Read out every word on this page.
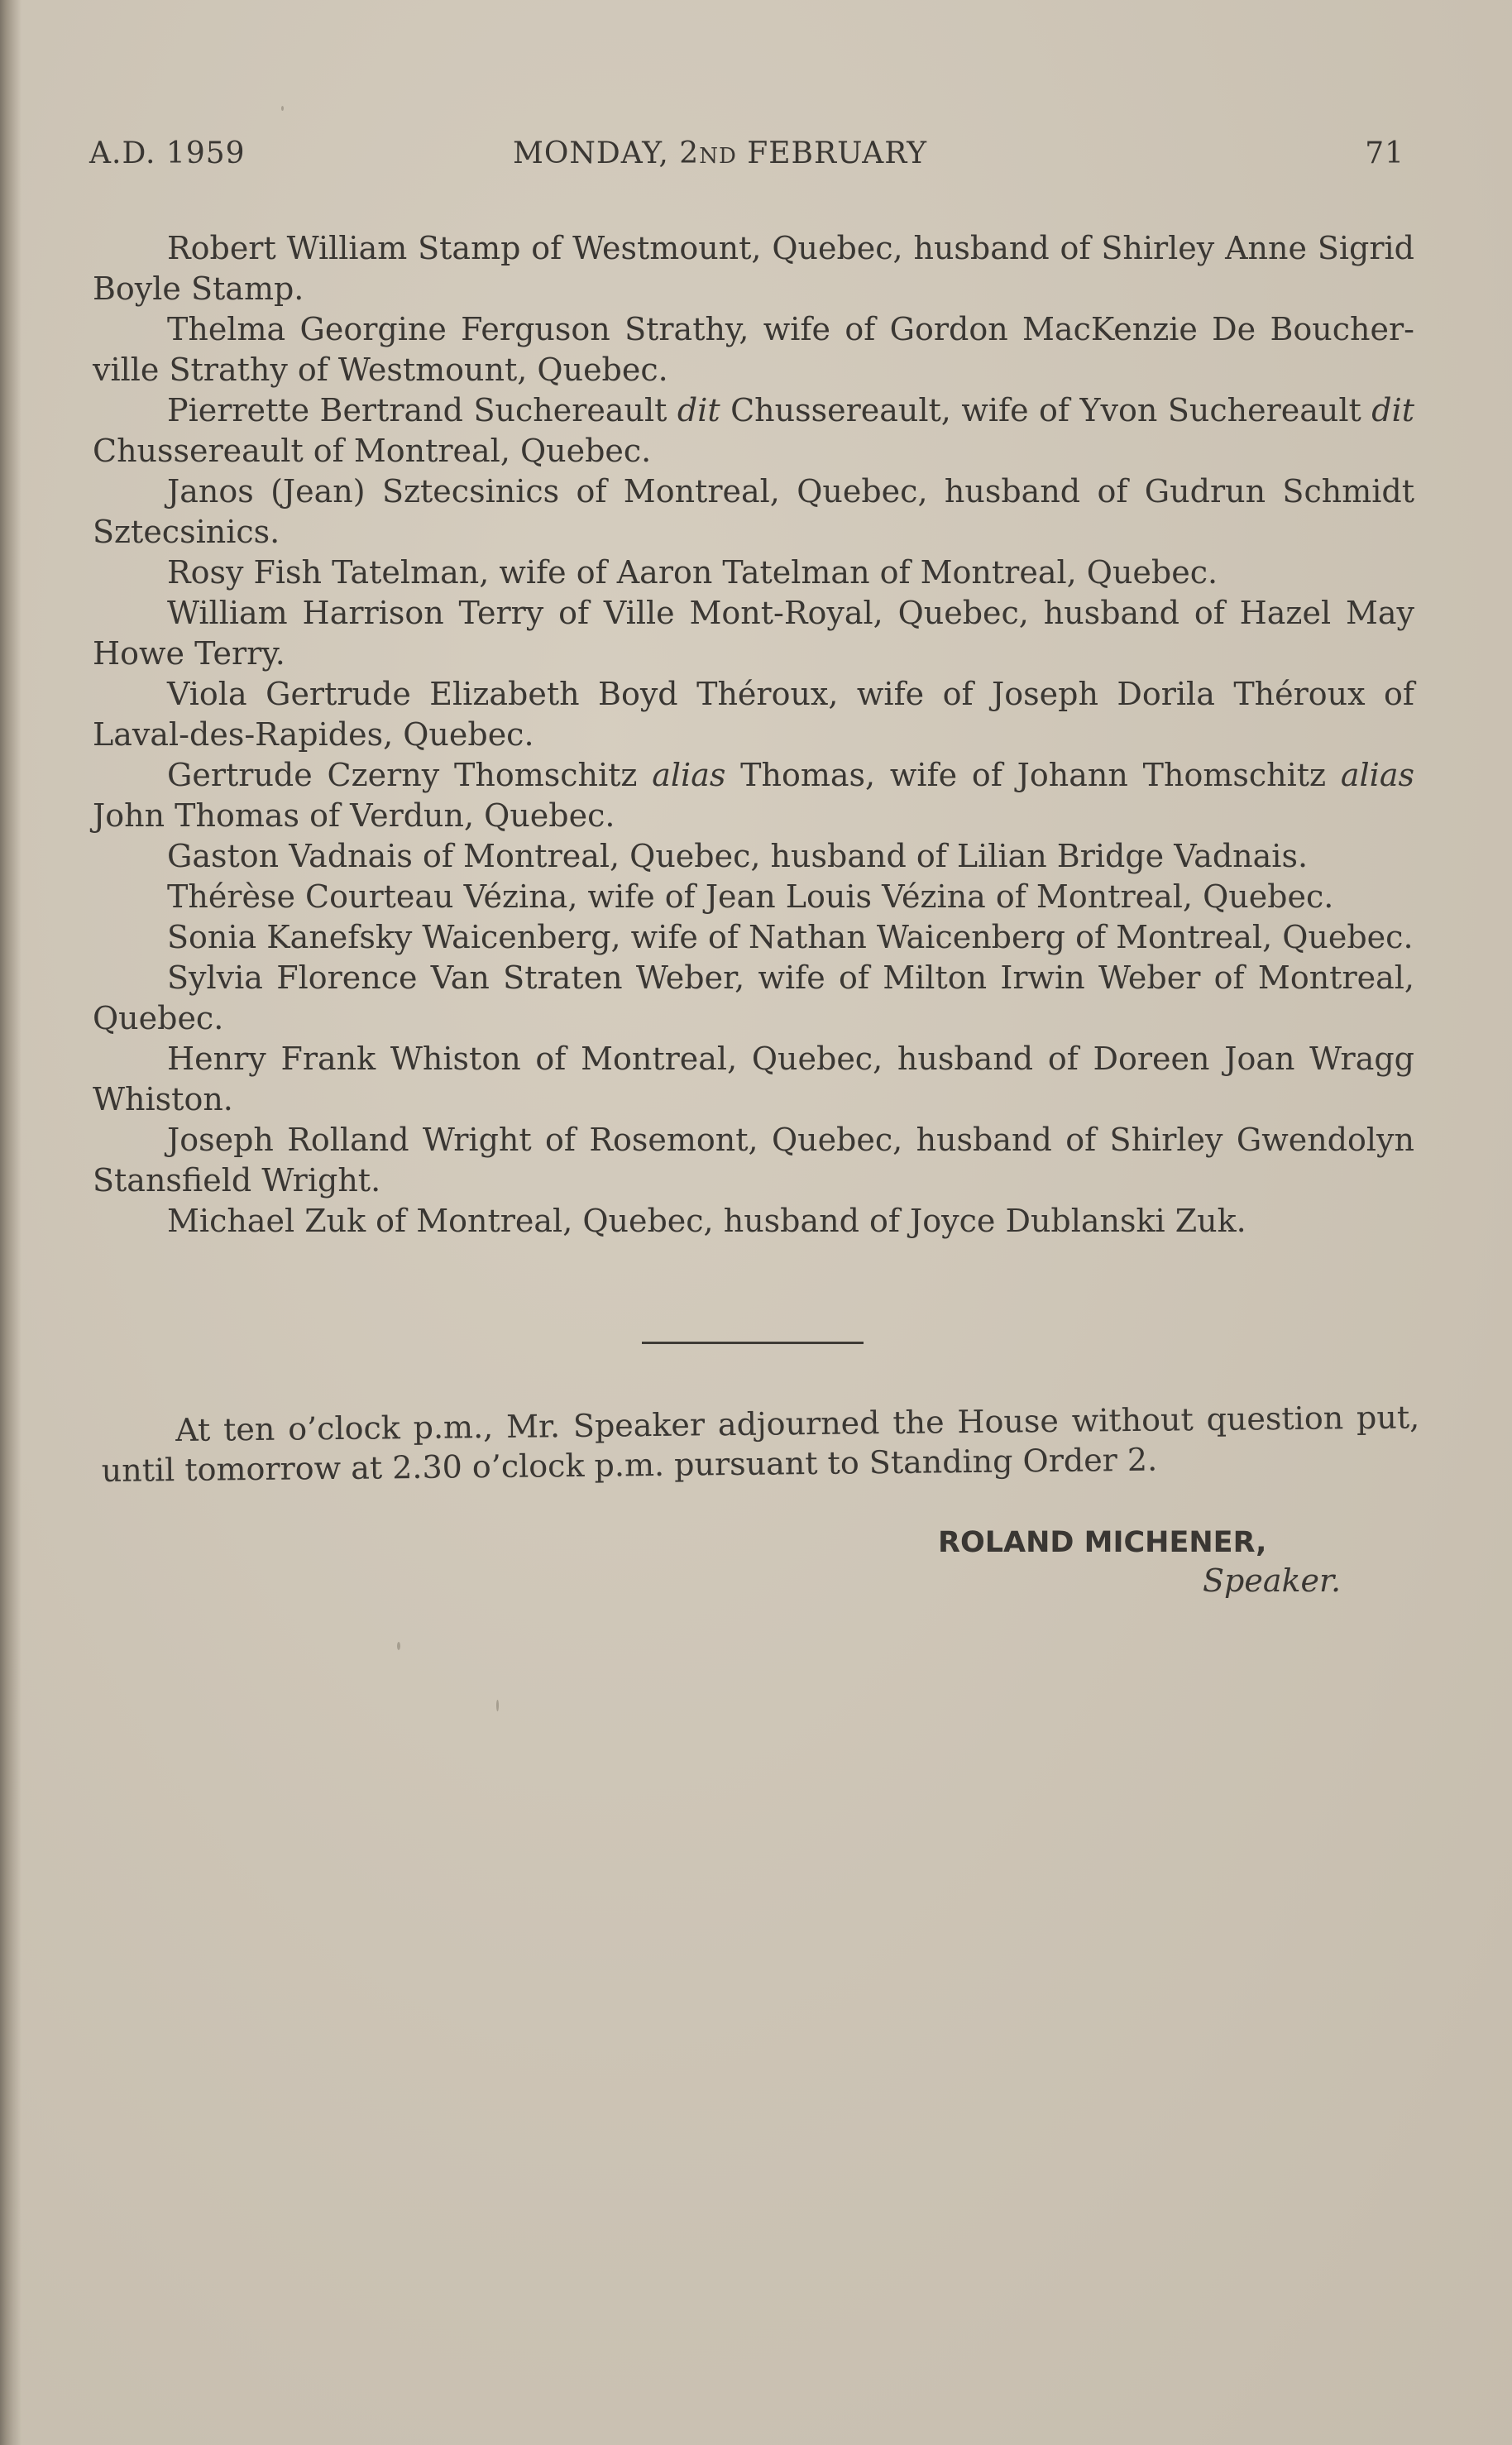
A.D. 1959	MONDAY, 2ND FEBRUARY	71

Robert William Stamp of Westmount, Quebec, husband of Shirley Anne Sigrid Boyle Stamp.

Thelma Georgine Ferguson Strathy, wife of Gordon MacKenzie De Boucher-ville Strathy of Westmount, Quebec.

Pierrette Bertrand Suchereault dit Chussereault, wife of Yvon Suchereault dit Chussereault of Montreal, Quebec.

Janos (Jean) Sztecsinics of Montreal, Quebec, husband of Gudrun Schmidt Sztecsinics.

Rosy Fish Tatelman, wife of Aaron Tatelman of Montreal, Quebec.

William Harrison Terry of Ville Mont-Royal, Quebec, husband of Hazel May Howe Terry.

Viola Gertrude Elizabeth Boyd Théroux, wife of Joseph Dorila Théroux of Laval-des-Rapides, Quebec.

Gertrude Czerny Thomschitz alias Thomas, wife of Johann Thomschitz alias John Thomas of Verdun, Quebec.

Gaston Vadnais of Montreal, Quebec, husband of Lilian Bridge Vadnais.

Thérèse Courteau Vézina, wife of Jean Louis Vézina of Montreal, Quebec.

Sonia Kanefsky Waicenberg, wife of Nathan Waicenberg of Montreal, Quebec.

Sylvia Florence Van Straten Weber, wife of Milton Irwin Weber of Montreal, Quebec.

Henry Frank Whiston of Montreal, Quebec, husband of Doreen Joan Wragg Whiston.

Joseph Rolland Wright of Rosemont, Quebec, husband of Shirley Gwendolyn Stansfield Wright.

Michael Zuk of Montreal, Quebec, husband of Joyce Dublanski Zuk.

At ten o’clock p.m., Mr. Speaker adjourned the House without question put, until tomorrow at 2.30 o’clock p.m. pursuant to Standing Order 2.

ROLAND MICHENER,
Speaker.
